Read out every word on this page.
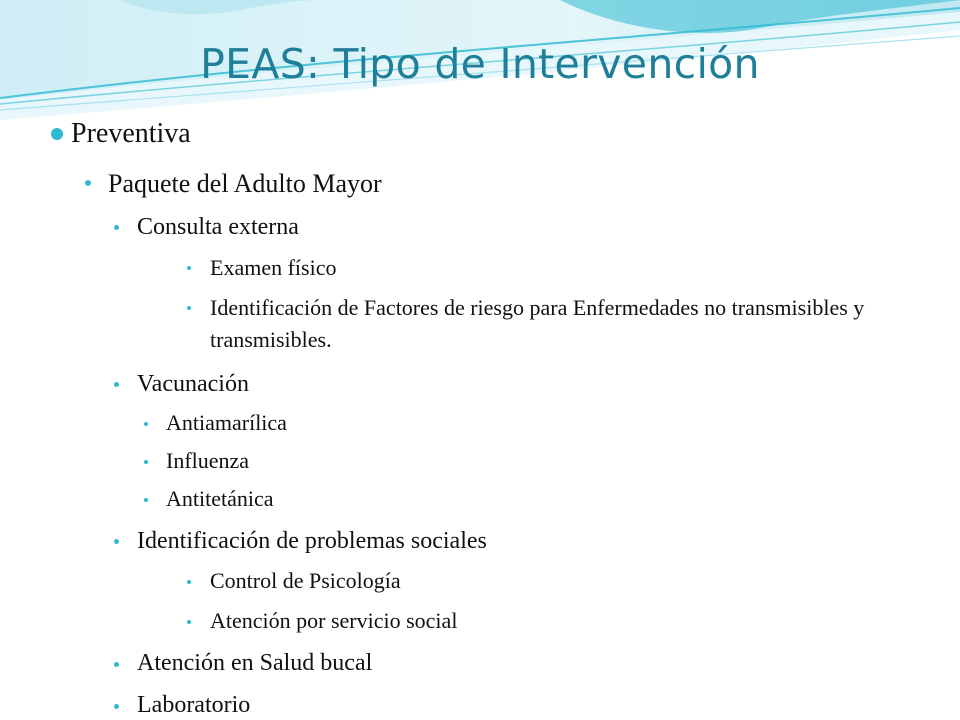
PEAS: Tipo de Intervención
Preventiva
Paquete del Adulto Mayor
Consulta externa
Examen físico
Identificación de Factores de riesgo para Enfermedades no transmisibles y transmisibles.
Vacunación
Antiamarílica
Influenza
Antitetánica
Identificación de problemas sociales
Control de Psicología
Atención por servicio social
Atención en Salud bucal
Laboratorio
